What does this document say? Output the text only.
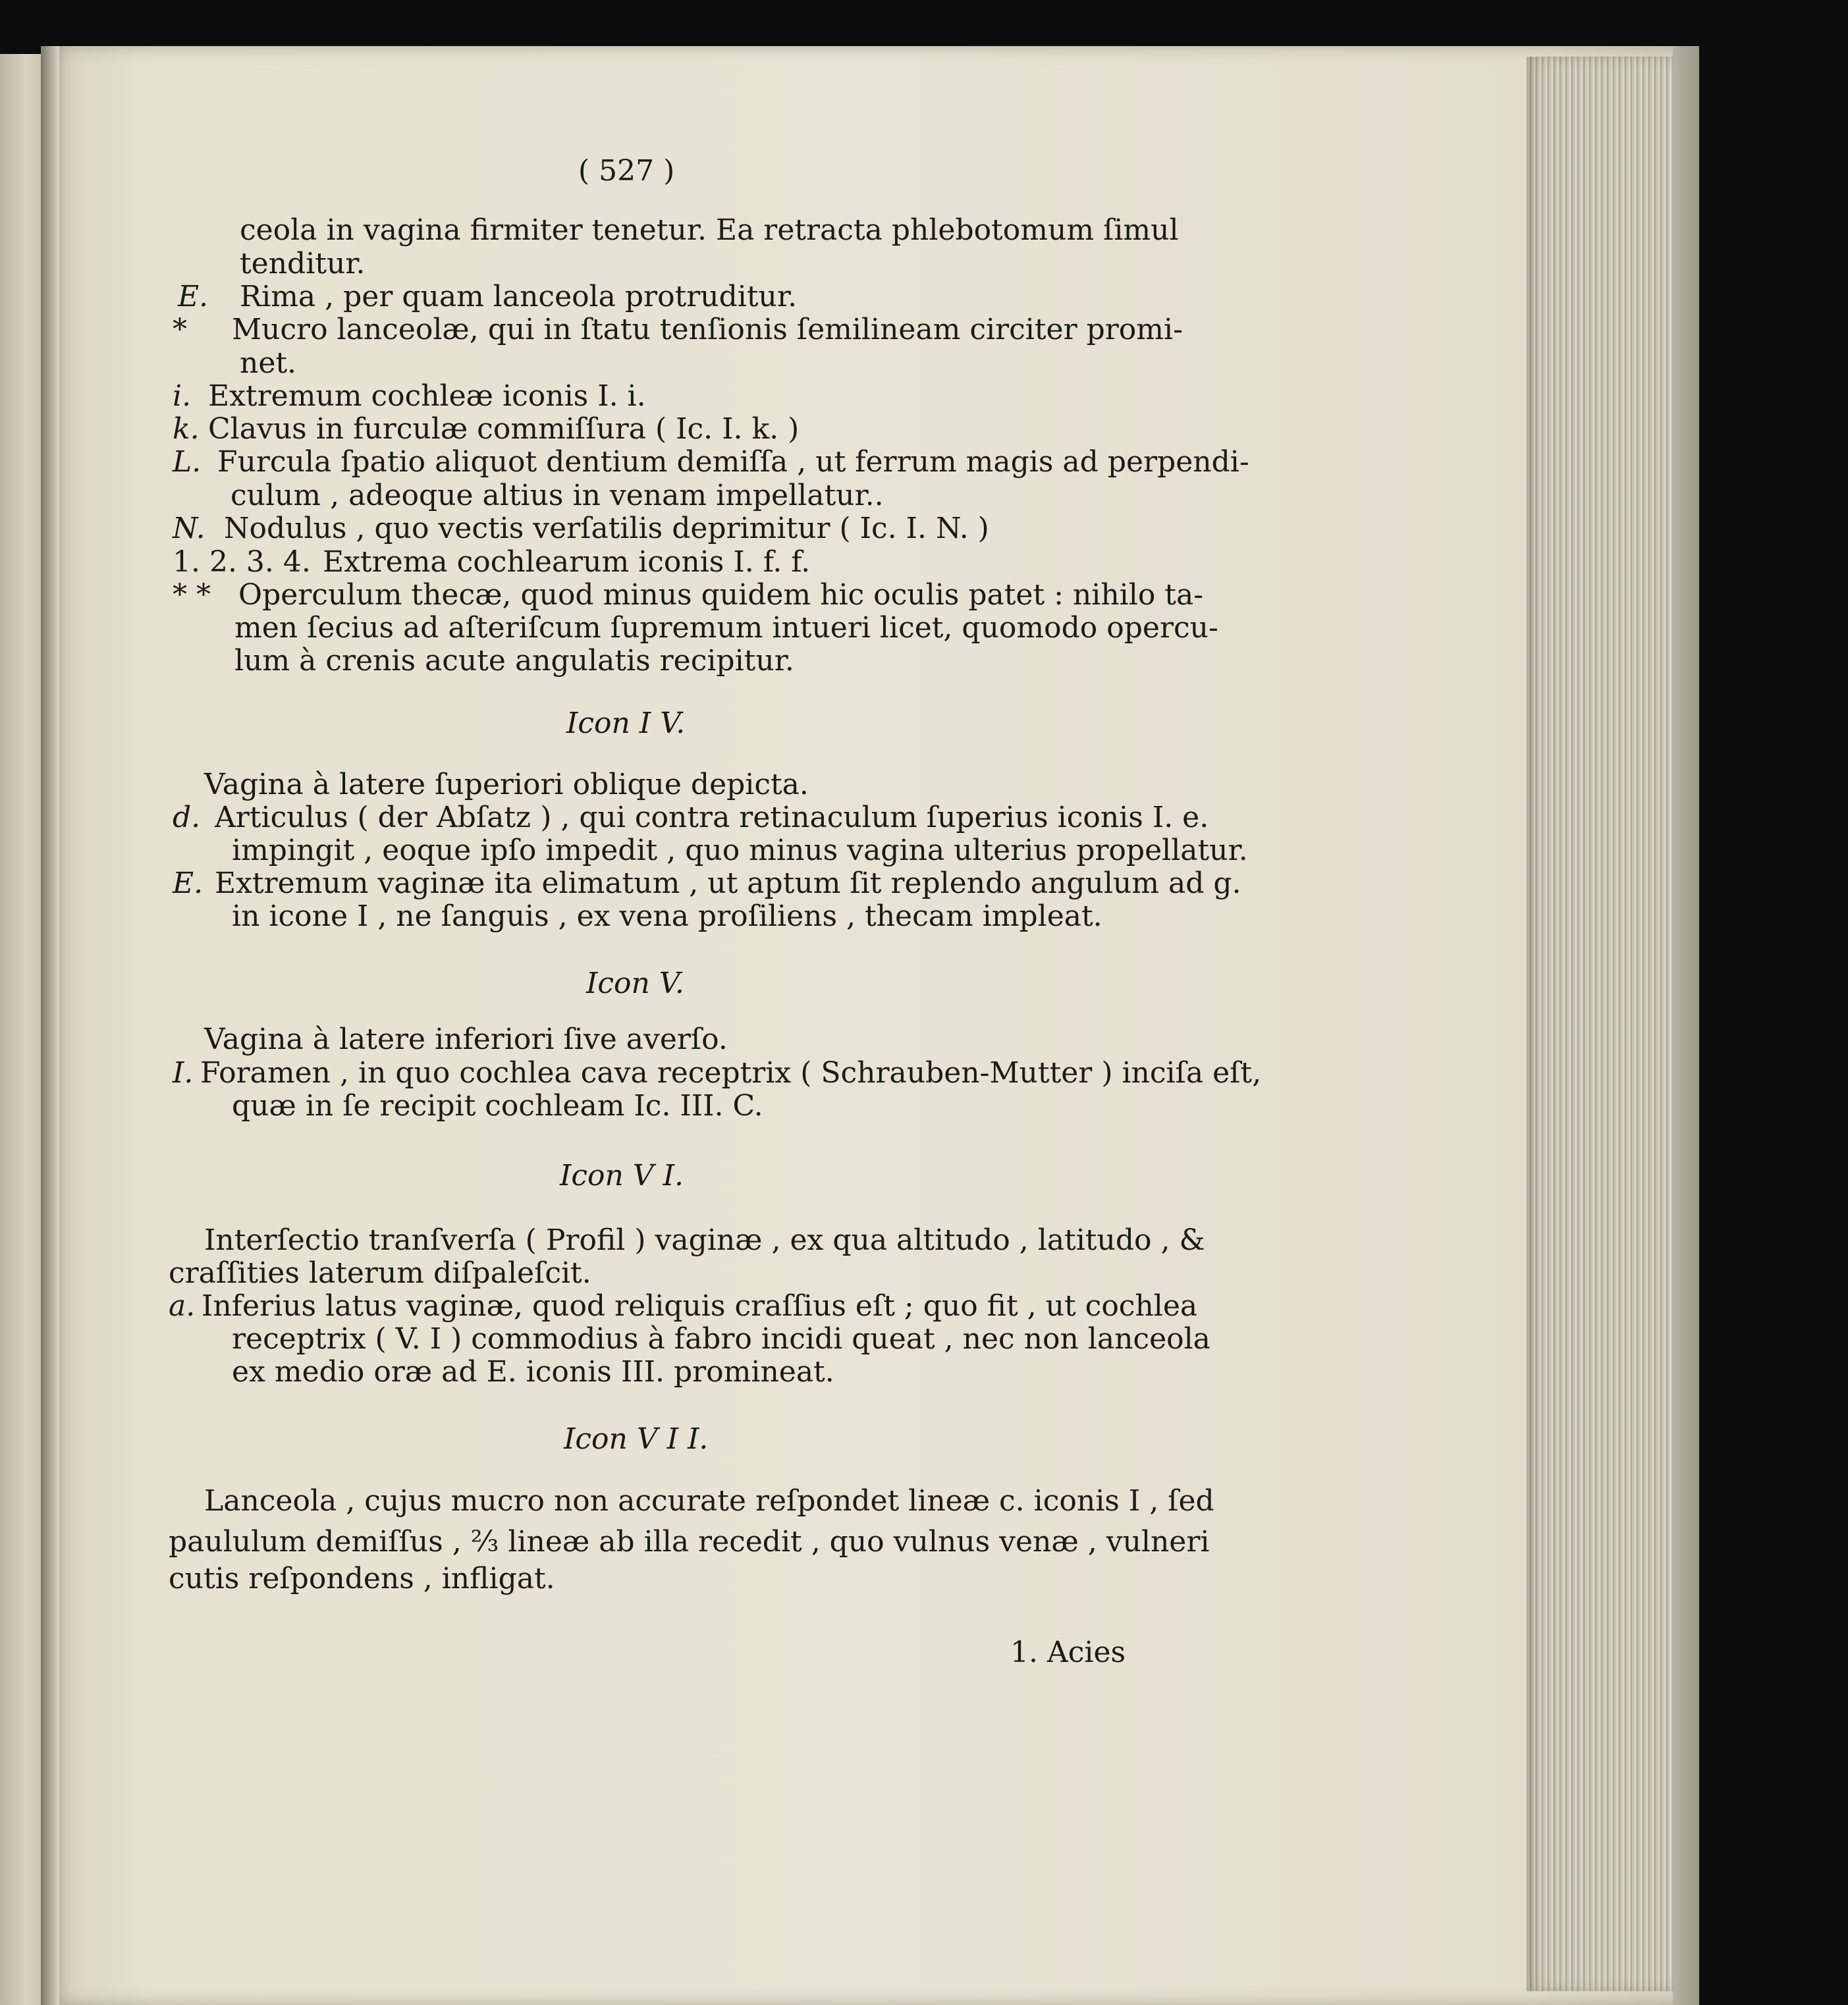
( 527 )
ceola in vagina firmiter tenetur. Ea retracta phlebotomum ſimul
tenditur.
E. Rima , per quam lanceola protruditur.
* Mucro lanceolæ, qui in ſtatu tenſionis ſemilineam circiter promi-
net.
i. Extremum cochleæ iconis I. i.
k. Clavus in furculæ commiſſura ( Ic. I. k. )
L. Furcula ſpatio aliquot dentium demiſſa , ut ferrum magis ad perpendi-
culum , adeoque altius in venam impellatur..
N. Nodulus , quo vectis verſatilis deprimitur ( Ic. I. N. )
1. 2. 3. 4. Extrema cochlearum iconis I. f. f.
* * Operculum thecæ, quod minus quidem hic oculis patet : nihilo ta-
men ſecius ad aſteriſcum ſupremum intueri licet, quomodo opercu-
lum à crenis acute angulatis recipitur.
Icon I V.
Vagina à latere ſuperiori oblique depicta.
d. Articulus ( der Abſatz ) , qui contra retinaculum ſuperius iconis I. e.
impingit , eoque ipſo impedit , quo minus vagina ulterius propellatur.
E. Extremum vaginæ ita elimatum , ut aptum ſit replendo angulum ad g.
in icone I , ne ſanguis , ex vena proſiliens , thecam impleat.
Icon V.
Vagina à latere inferiori ſive averſo.
I. Foramen , in quo cochlea cava receptrix ( Schrauben-Mutter ) inciſa eſt,
quæ in ſe recipit cochleam Ic. III. C.
Icon V I.
Interſectio tranſverſa ( Profil ) vaginæ , ex qua altitudo , latitudo , &
craſſities laterum diſpaleſcit.
a. Inferius latus vaginæ, quod reliquis craſſius eſt ; quo fit , ut cochlea
receptrix ( V. I ) commodius à fabro incidi queat , nec non lanceola
ex medio oræ ad E. iconis III. promineat.
Icon V I I.
Lanceola , cujus mucro non accurate reſpondet lineæ c. iconis I , ſed
paululum demiſſus , ⅔ lineæ ab illa recedit , quo vulnus venæ , vulneri
cutis reſpondens , infligat.
1. Acies
